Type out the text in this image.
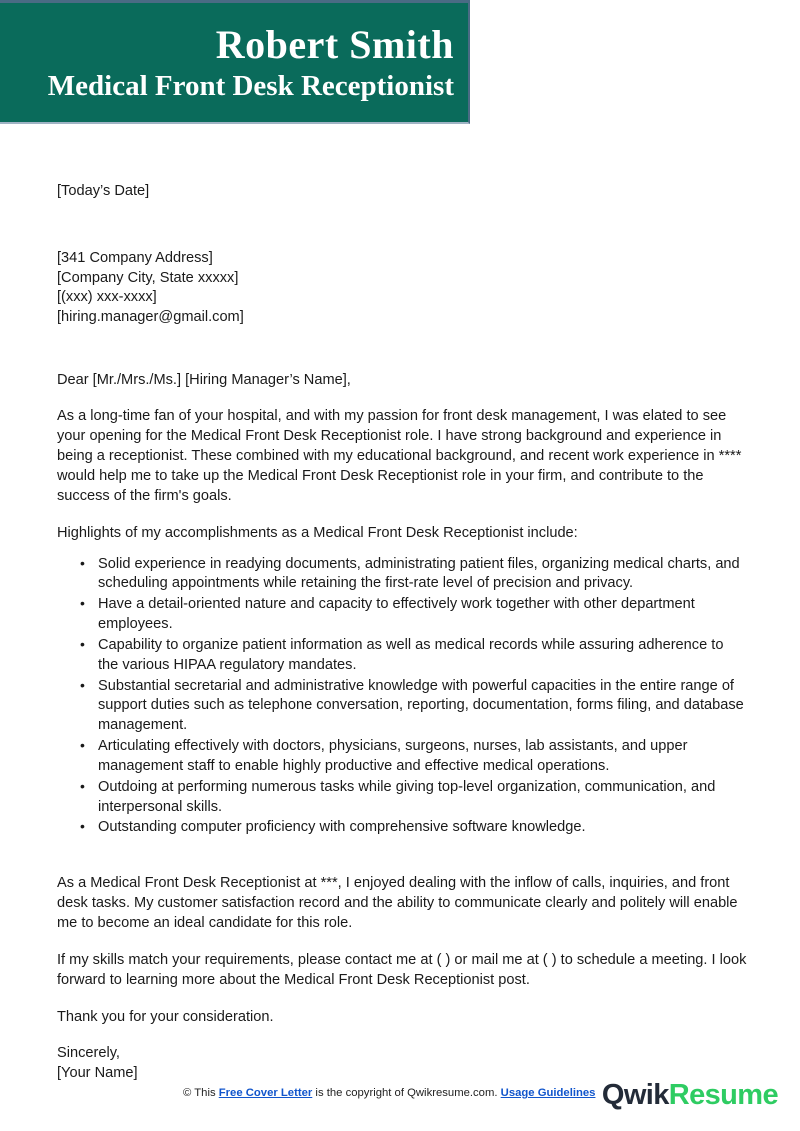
Robert Smith
Medical Front Desk Receptionist
[Today’s Date]
[341 Company Address]
[Company City, State xxxxx]
[(xxx) xxx-xxxx]
[hiring.manager@gmail.com]
Dear [Mr./Mrs./Ms.] [Hiring Manager’s Name],

As a long-time fan of your hospital, and with my passion for front desk management, I was elated to see your opening for the Medical Front Desk Receptionist role. I have strong background and experience in being a receptionist. These combined with my educational background, and recent work experience in **** would help me to take up the Medical Front Desk Receptionist role in your firm, and contribute to the success of the firm's goals.

Highlights of my accomplishments as a Medical Front Desk Receptionist include:

• Solid experience in readying documents, administrating patient files, organizing medical charts, and scheduling appointments while retaining the first-rate level of precision and privacy.
• Have a detail-oriented nature and capacity to effectively work together with other department employees.
• Capability to organize patient information as well as medical records while assuring adherence to the various HIPAA regulatory mandates.
• Substantial secretarial and administrative knowledge with powerful capacities in the entire range of support duties such as telephone conversation, reporting, documentation, forms filing, and database management.
• Articulating effectively with doctors, physicians, surgeons, nurses, lab assistants, and upper management staff to enable highly productive and effective medical operations.
• Outdoing at performing numerous tasks while giving top-level organization, communication, and interpersonal skills.
• Outstanding computer proficiency with comprehensive software knowledge.

As a Medical Front Desk Receptionist at ***, I enjoyed dealing with the inflow of calls, inquiries, and front desk tasks. My customer satisfaction record and the ability to communicate clearly and politely will enable me to become an ideal candidate for this role.

If my skills match your requirements, please contact me at ( ) or mail me at ( ) to schedule a meeting. I look forward to learning more about the Medical Front Desk Receptionist post.

Thank you for your consideration.

Sincerely,
[Your Name]
© This Free Cover Letter is the copyright of Qwikresume.com. Usage Guidelines QwikResume
